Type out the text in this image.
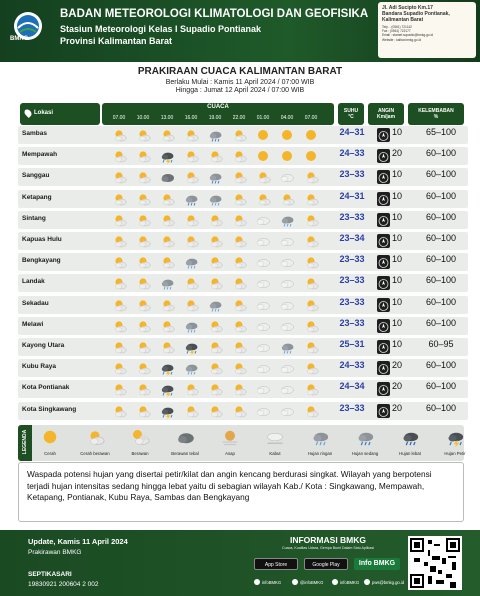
BMKG
BADAN METEOROLOGI KLIMATOLOGI DAN GEOFISIKA
Stasiun Meteorologi Kelas I Supadio Pontianak
Provinsi Kalimantan Barat
Jl. Adi Sucipto Km.17
Bandara Supadio Pontianak,
Kalimantan Barat
Telp. : (0561) 721142
Fax : (0561) 722177
Email : stamet.supadio@bmkg.go.id
Website : kalbar.bmkg.go.id
PRAKIRAAN CUACA KALIMANTAN BARAT
Berlaku Mulai : Kamis 11 April 2024 / 07:00 WIB
Hingga : Jumat 12 April 2024 / 07:00 WIB
Lokasi
CUACA
07.00	10.00	13.00	16.00	19.00	22.00	01.00	04.00	07.00
SUHU
°C
ANGIN
Km/jam
KELEMBABAN
%
Sambas	24–31	10	65–100
Mempawah	24–33	20	60–100
Sanggau	23–33	10	60–100
Ketapang	24–31	10	60–100
Sintang	23–33	10	60–100
Kapuas Hulu	23–34	10	60–100
Bengkayang	23–33	10	60–100
Landak	23–33	10	60–100
Sekadau	23–33	10	60–100
Melawi	23–33	10	60–100
Kayong Utara	25–31	10	60–95
Kubu Raya	24–33	20	60–100
Kota Pontianak	24–34	20	60–100
Kota Singkawang	23–33	20	60–100
LEGENDA	Cerah	Cerah berawan	Berawan	Berawan tebal	Asap	Kabut	Hujan ringan	Hujan sedang	Hujan lebat	Hujan Petir
Waspada potensi hujan yang disertai petir/kilat dan angin kencang berdurasi singkat. Wilayah yang berpotensi terjadi hujan intensitas sedang hingga lebat yaitu di sebagian wilayah Kab./ Kota : Singkawang, Mempawah, Ketapang, Pontianak, Kubu Raya, Sambas dan Bengkayang
Update, Kamis 11 April 2024
Prakirawan BMKG
SEPTIKASARI
19830921 200604 2 002
INFORMASI BMKG
Cuaca, Kualitas Udara, Gempa Bumi Dalam Satu Aplikasi
App Store	Google Play	Info BMKG
infoBMKG	@infoBMKG	infoBMKG	pws@bmkg.go.id
